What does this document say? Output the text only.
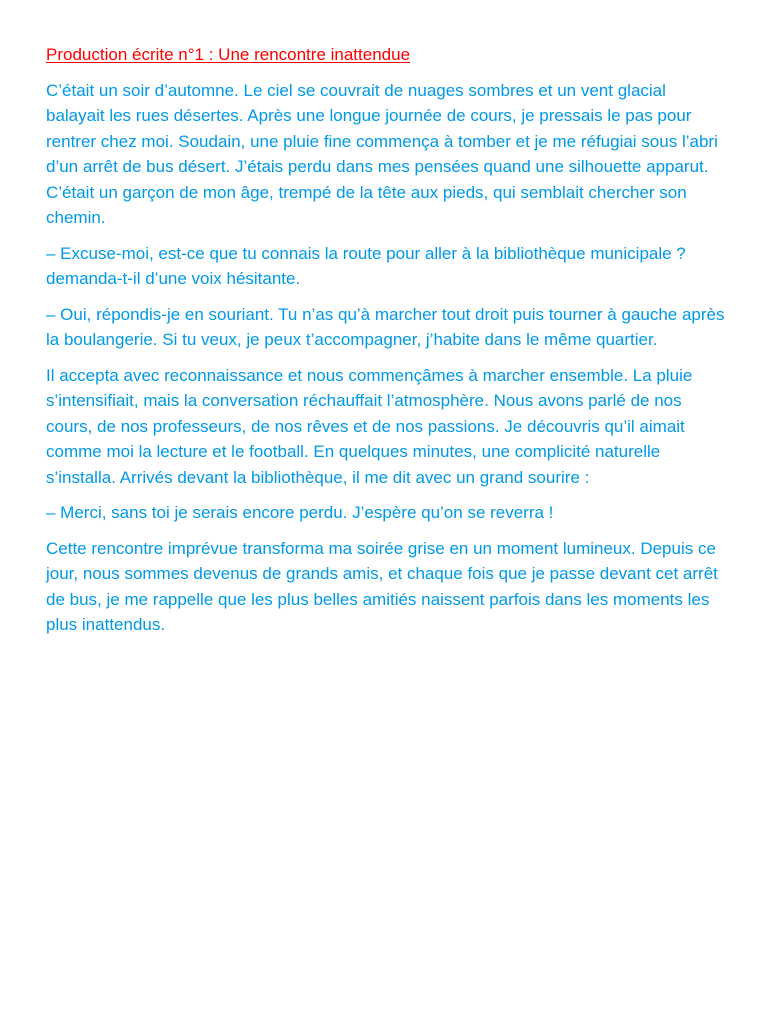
Production écrite n°1 : Une rencontre inattendue

C’était un soir d’automne. Le ciel se couvrait de nuages sombres et un vent glacial balayait les rues désertes. Après une longue journée de cours, je pressais le pas pour rentrer chez moi. Soudain, une pluie fine commença à tomber et je me réfugiai sous l’abri d’un arrêt de bus désert. J’étais perdu dans mes pensées quand une silhouette apparut. C’était un garçon de mon âge, trempé de la tête aux pieds, qui semblait chercher son chemin.

– Excuse-moi, est-ce que tu connais la route pour aller à la bibliothèque municipale ? demanda-t-il d’une voix hésitante.

– Oui, répondis-je en souriant. Tu n’as qu’à marcher tout droit puis tourner à gauche après la boulangerie. Si tu veux, je peux t’accompagner, j’habite dans le même quartier.

Il accepta avec reconnaissance et nous commençâmes à marcher ensemble. La pluie s’intensifiait, mais la conversation réchauffait l’atmosphère. Nous avons parlé de nos cours, de nos professeurs, de nos rêves et de nos passions. Je découvris qu’il aimait comme moi la lecture et le football. En quelques minutes, une complicité naturelle s’installa. Arrivés devant la bibliothèque, il me dit avec un grand sourire :

– Merci, sans toi je serais encore perdu. J’espère qu’on se reverra !

Cette rencontre imprévue transforma ma soirée grise en un moment lumineux. Depuis ce jour, nous sommes devenus de grands amis, et chaque fois que je passe devant cet arrêt de bus, je me rappelle que les plus belles amitiés naissent parfois dans les moments les plus inattendus.
